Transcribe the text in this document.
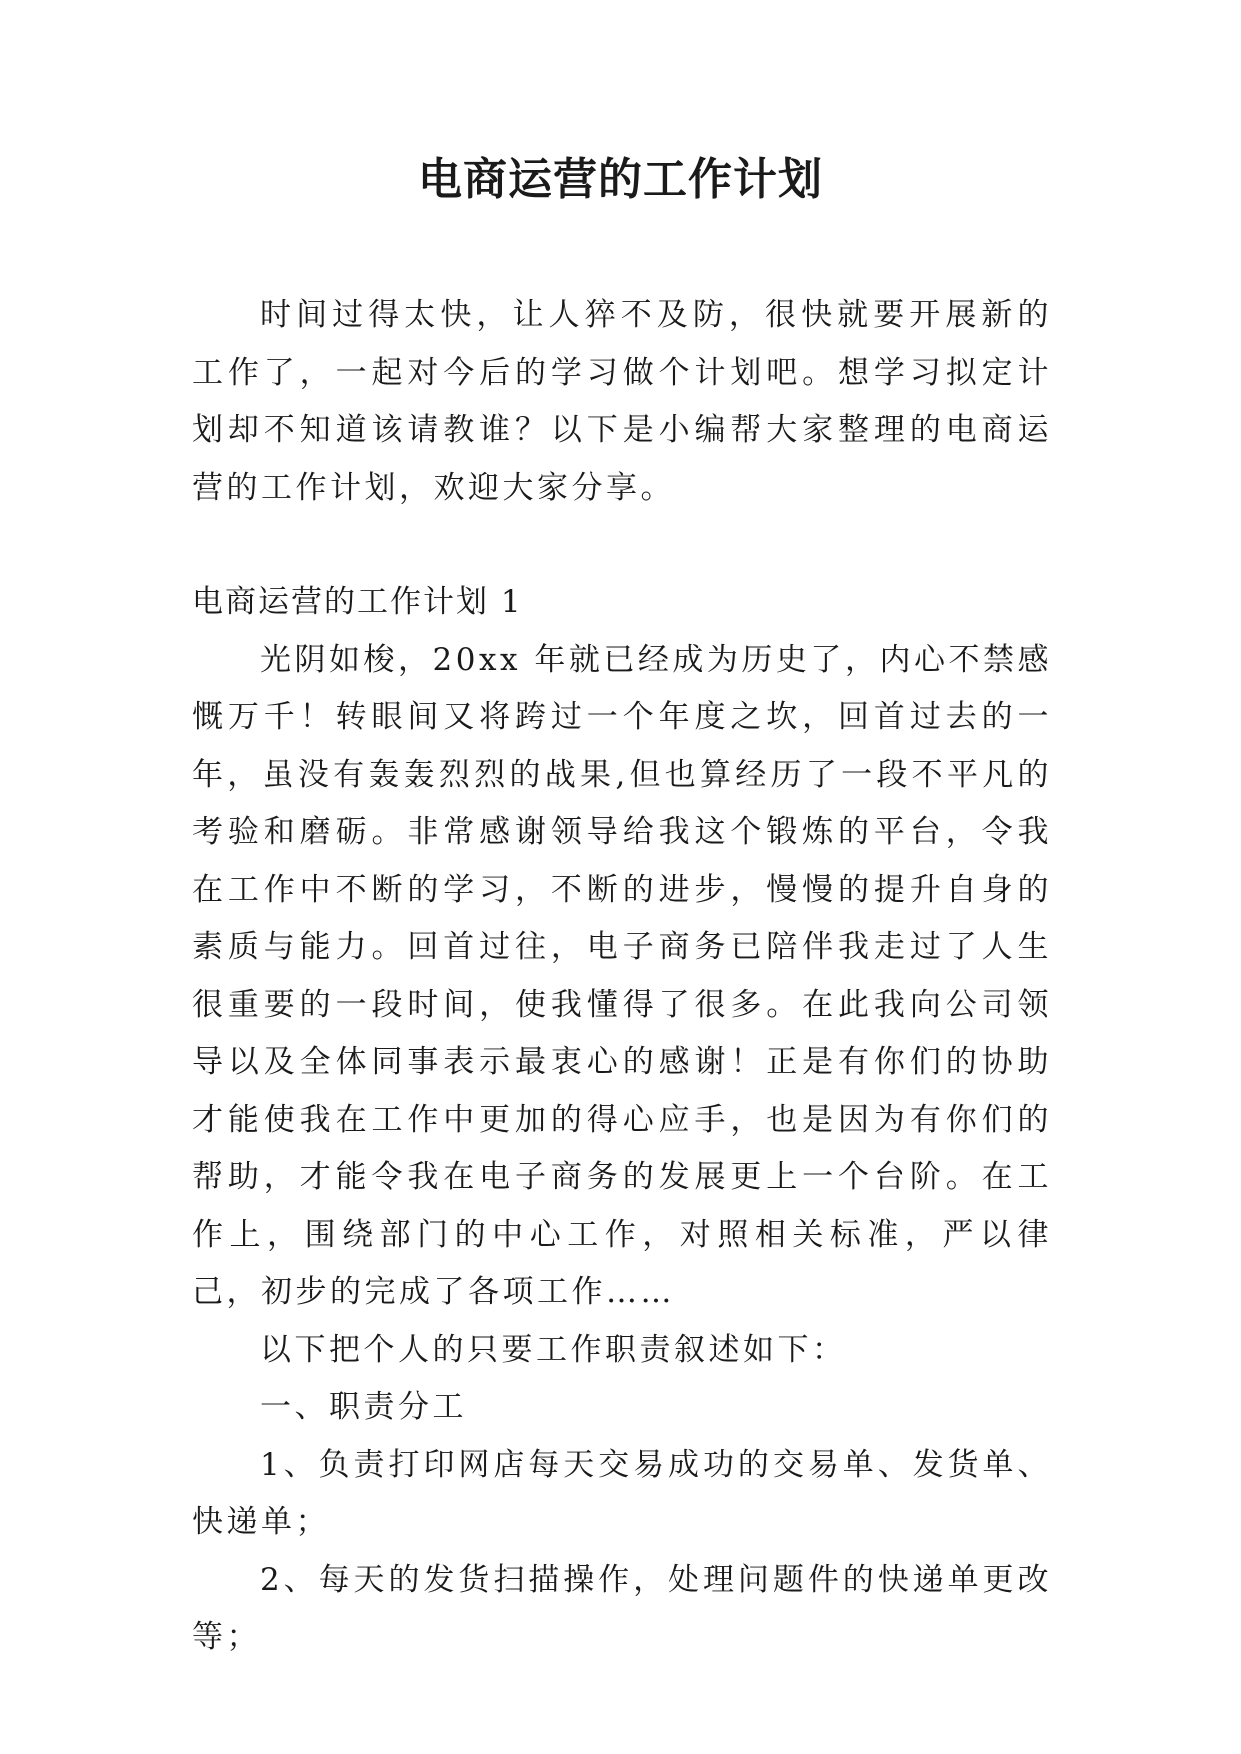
电商运营的工作计划

时间过得太快，让人猝不及防，很快就要开展新的工作了，一起对今后的学习做个计划吧。想学习拟定计划却不知道该请教谁？以下是小编帮大家整理的电商运营的工作计划，欢迎大家分享。

电商运营的工作计划 1

光阴如梭，20xx 年就已经成为历史了，内心不禁感慨万千！转眼间又将跨过一个年度之坎，回首过去的一年，虽没有轰轰烈烈的战果,但也算经历了一段不平凡的考验和磨砺。非常感谢领导给我这个锻炼的平台，令我在工作中不断的学习，不断的进步，慢慢的提升自身的素质与能力。回首过往，电子商务已陪伴我走过了人生很重要的一段时间，使我懂得了很多。在此我向公司领导以及全体同事表示最衷心的感谢！正是有你们的协助才能使我在工作中更加的得心应手，也是因为有你们的帮助，才能令我在电子商务的发展更上一个台阶。在工作上，围绕部门的中心工作，对照相关标准，严以律己，初步的完成了各项工作……

以下把个人的只要工作职责叙述如下：

一、职责分工

1、负责打印网店每天交易成功的交易单、发货单、快递单；

2、每天的发货扫描操作，处理问题件的快递单更改等；
